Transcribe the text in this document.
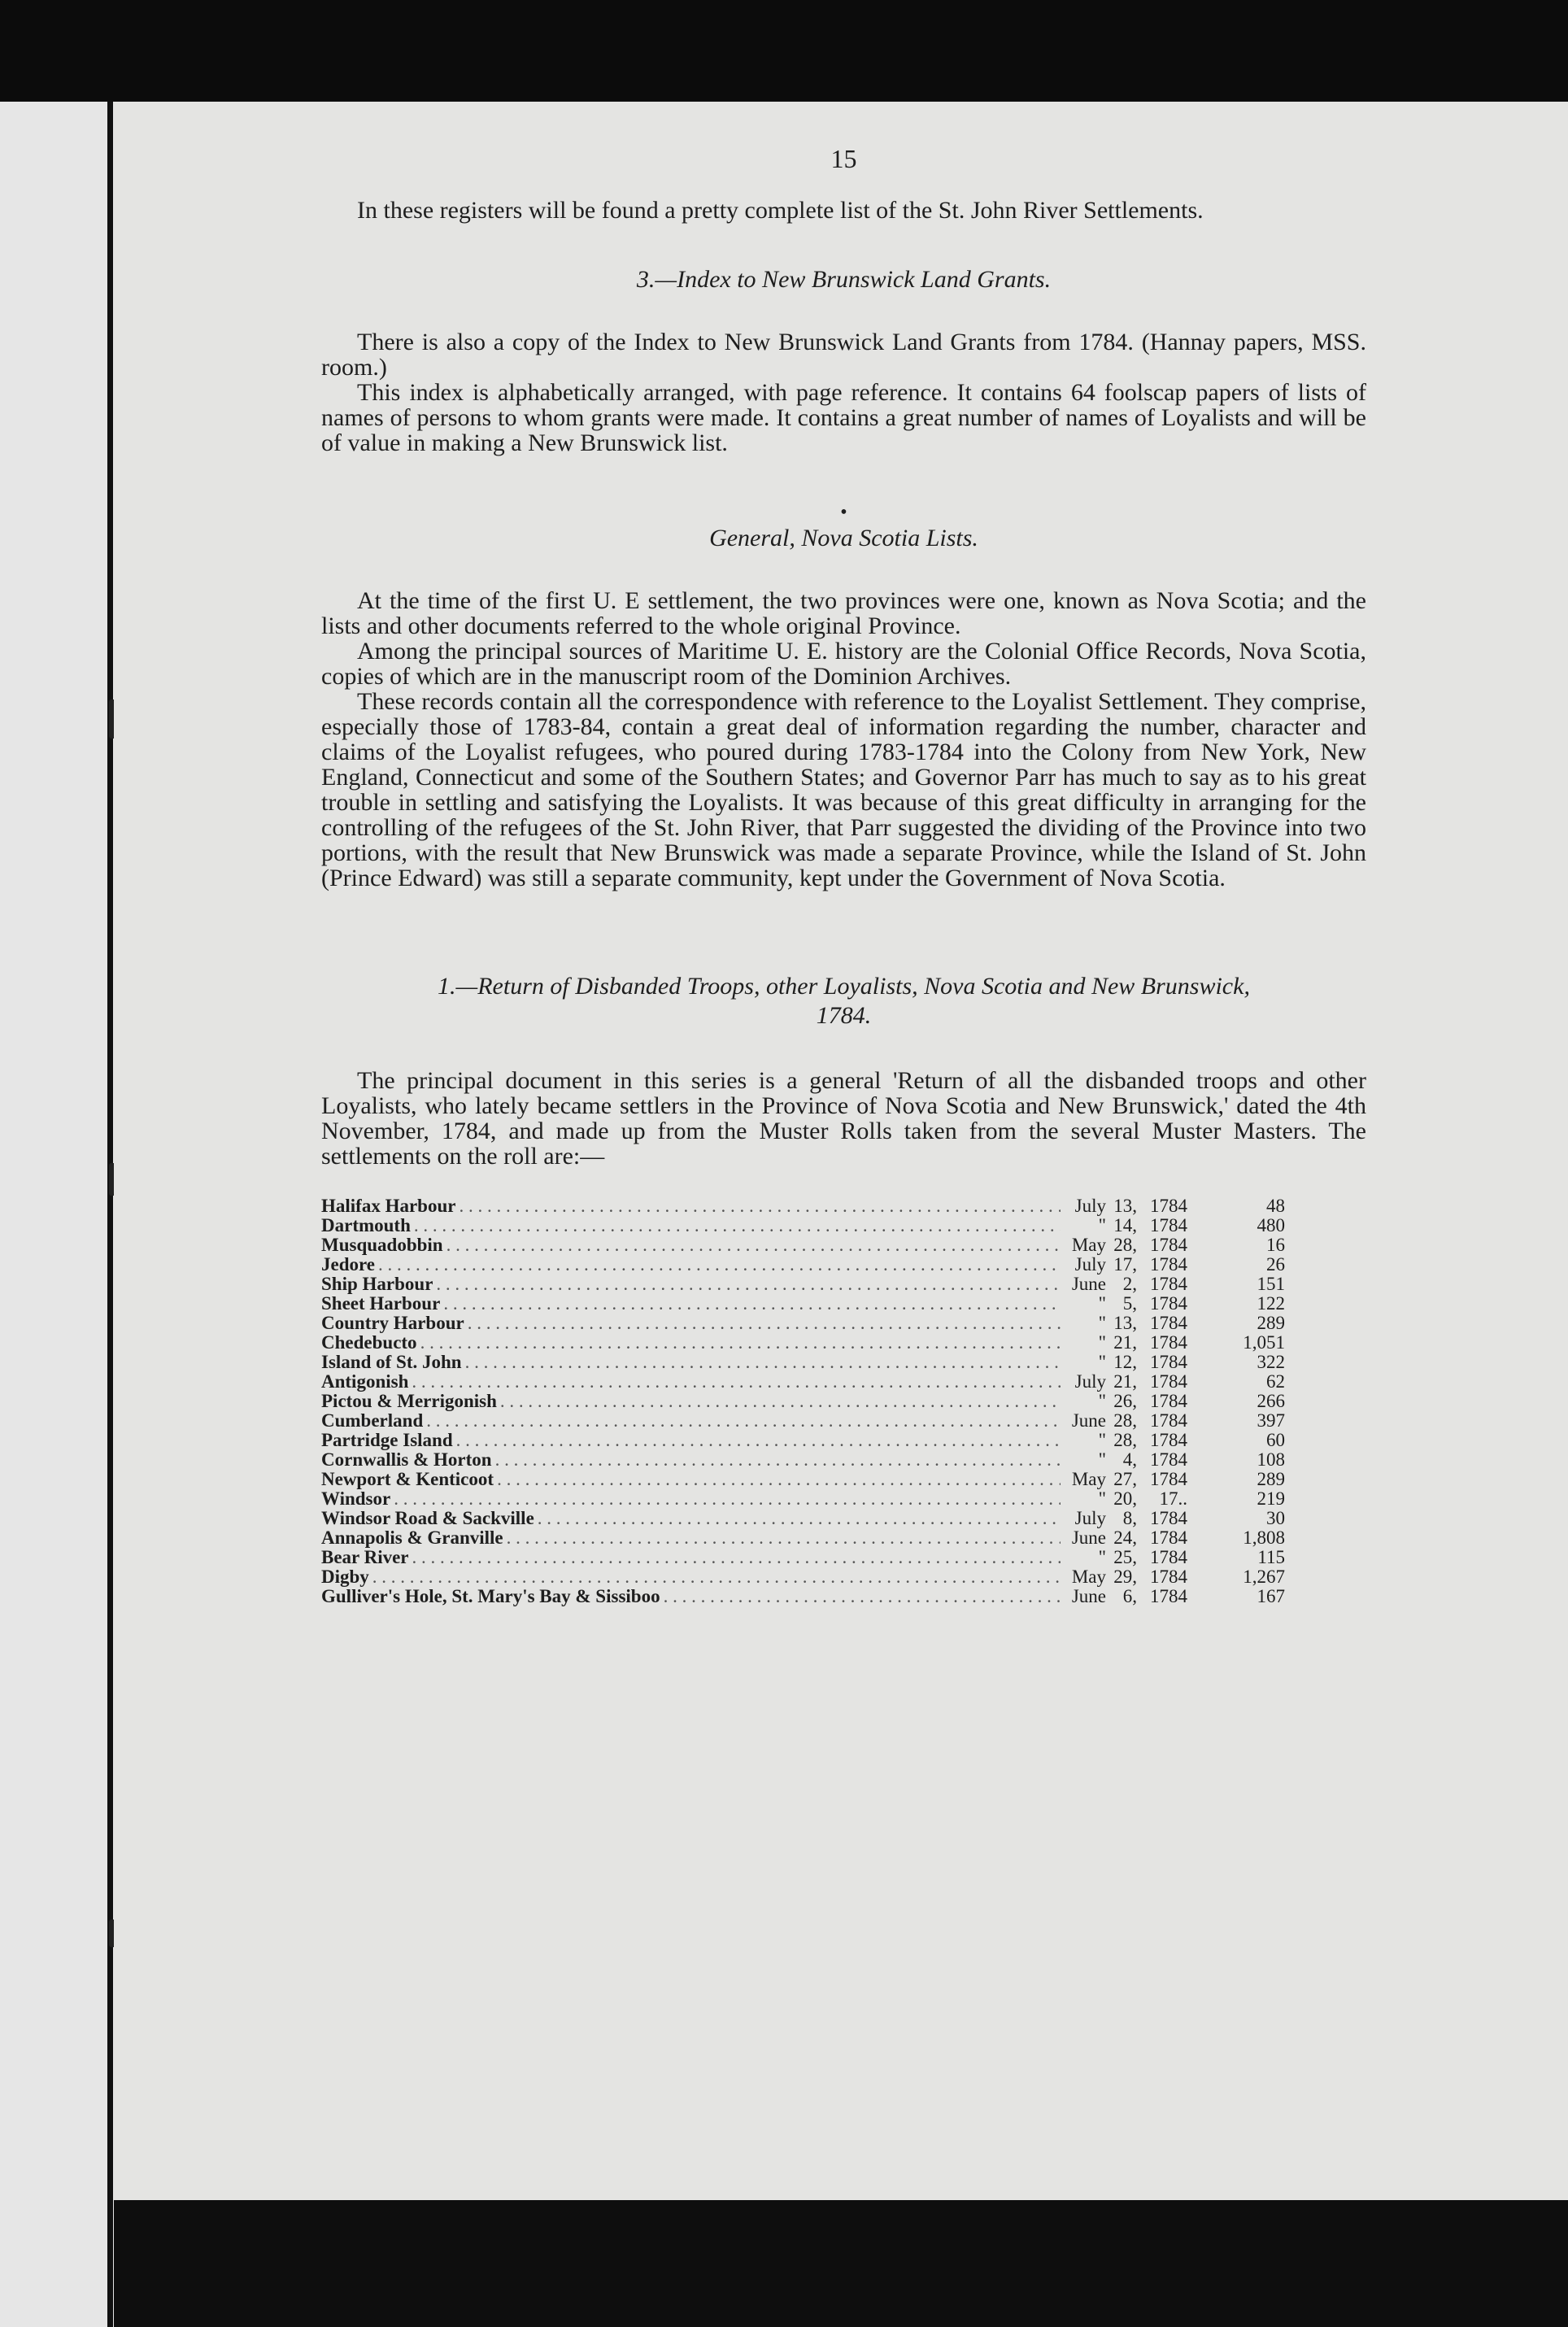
15

In these registers will be found a pretty complete list of the St. John River Settlements.

3.—Index to New Brunswick Land Grants.

There is also a copy of the Index to New Brunswick Land Grants from 1784. (Hannay papers, MSS. room.)

This index is alphabetically arranged, with page reference. It contains 64 foolscap papers of lists of names of persons to whom grants were made. It contains a great number of names of Loyalists and will be of value in making a New Brunswick list.

•
General, Nova Scotia Lists.

At the time of the first U. E settlement, the two provinces were one, known as Nova Scotia; and the lists and other documents referred to the whole original Province.

Among the principal sources of Maritime U. E. history are the Colonial Office Records, Nova Scotia, copies of which are in the manuscript room of the Dominion Archives.

These records contain all the correspondence with reference to the Loyalist Settlement. They comprise, especially those of 1783-84, contain a great deal of information regarding the number, character and claims of the Loyalist refugees, who poured during 1783-1784 into the Colony from New York, New England, Connecticut and some of the Southern States; and Governor Parr has much to say as to his great trouble in settling and satisfying the Loyalists. It was because of this great difficulty in arranging for the controlling of the refugees of the St. John River, that Parr suggested the dividing of the Province into two portions, with the result that New Brunswick was made a separate Province, while the Island of St. John (Prince Edward) was still a separate community, kept under the Government of Nova Scotia.

1.—Return of Disbanded Troops, other Loyalists, Nova Scotia and New Brunswick,
1784.

The principal document in this series is a general 'Return of all the disbanded troops and other Loyalists, who lately became settlers in the Province of Nova Scotia and New Brunswick,' dated the 4th November, 1784, and made up from the Muster Rolls taken from the several Muster Masters. The settlements on the roll are:—

Halifax Harbour . . .	July 13, 1784	48
Dartmouth . . .	" 14, 1784	480
Musquadobbin . . .	May 28, 1784	16
Jedore . . .	July 17, 1784	26
Ship Harbour . . .	June 2, 1784	151
Sheet Harbour . . .	" 5, 1784	122
Country Harbour . . .	" 13, 1784	289
Chedebucto . . .	" 21, 1784	1,051
Island of St. John . . .	" 12, 1784	322
Antigonish . . .	July 21, 1784	62
Pictou & Merrigonish . . .	" 26, 1784	266
Cumberland . . .	June 28, 1784	397
Partridge Island . . .	" 28, 1784	60
Cornwallis & Horton . . .	" 4, 1784	108
Newport & Kenticoot . . .	May 27, 1784	289
Windsor . . .	" 20,	17..	219
Windsor Road & Sackville . . .	July 8, 1784	30
Annapolis & Granville . . .	June 24, 1784	1,808
Bear River . . .	" 25, 1784	115
Digby . . .	May 29, 1784	1,267
Gulliver's Hole, St. Mary's Bay & Sissiboo . . .	June 6, 1784	167
